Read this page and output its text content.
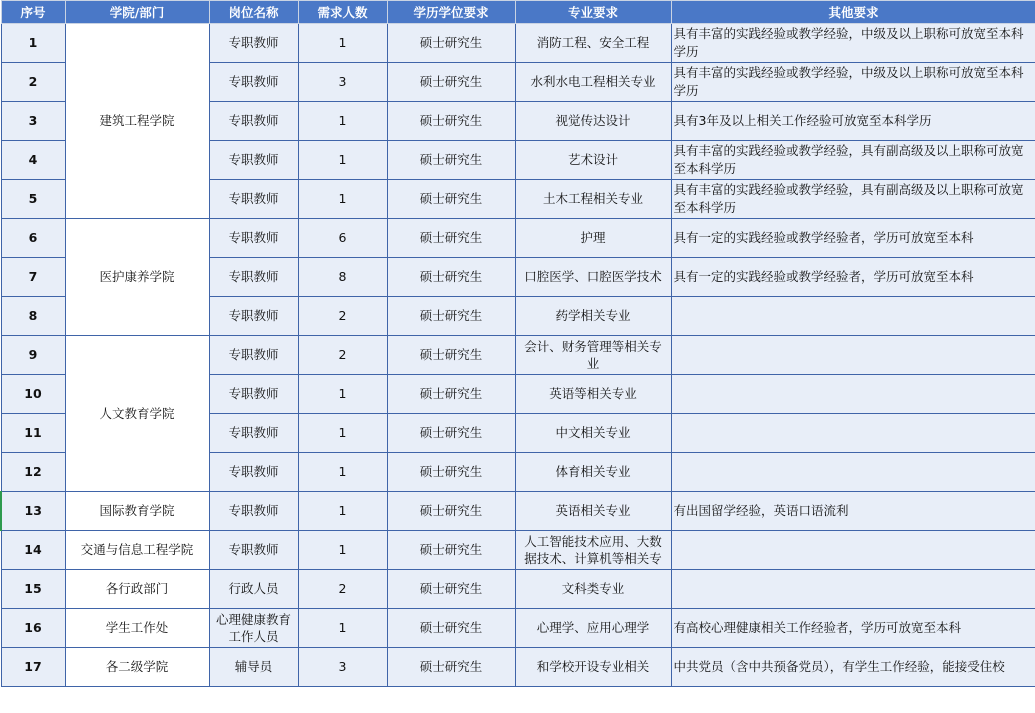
序号	学院/部门	岗位名称	需求人数	学历学位要求	专业要求	其他要求
1	建筑工程学院	专职教师	1	硕士研究生	消防工程、安全工程	具有丰富的实践经验或教学经验，中级及以上职称可放宽至本科学历
2		专职教师	3	硕士研究生	水利水电工程相关专业	具有丰富的实践经验或教学经验，中级及以上职称可放宽至本科学历
3		专职教师	1	硕士研究生	视觉传达设计	具有3年及以上相关工作经验可放宽至本科学历
4		专职教师	1	硕士研究生	艺术设计	具有丰富的实践经验或教学经验，具有副高级及以上职称可放宽至本科学历
5		专职教师	1	硕士研究生	土木工程相关专业	具有丰富的实践经验或教学经验，具有副高级及以上职称可放宽至本科学历
6	医护康养学院	专职教师	6	硕士研究生	护理	具有一定的实践经验或教学经验者，学历可放宽至本科
7		专职教师	8	硕士研究生	口腔医学、口腔医学技术	具有一定的实践经验或教学经验者，学历可放宽至本科
8		专职教师	2	硕士研究生	药学相关专业	
9	人文教育学院	专职教师	2	硕士研究生	会计、财务管理等相关专业	
10		专职教师	1	硕士研究生	英语等相关专业	
11		专职教师	1	硕士研究生	中文相关专业	
12		专职教师	1	硕士研究生	体育相关专业	
13	国际教育学院	专职教师	1	硕士研究生	英语相关专业	有出国留学经验，英语口语流利
14	交通与信息工程学院	专职教师	1	硕士研究生	人工智能技术应用、大数据技术、计算机等相关专	
15	各行政部门	行政人员	2	硕士研究生	文科类专业	
16	学生工作处	心理健康教育工作人员	1	硕士研究生	心理学、应用心理学	有高校心理健康相关工作经验者，学历可放宽至本科
17	各二级学院	辅导员	3	硕士研究生	和学校开设专业相关	中共党员（含中共预备党员），有学生工作经验，能接受住校
